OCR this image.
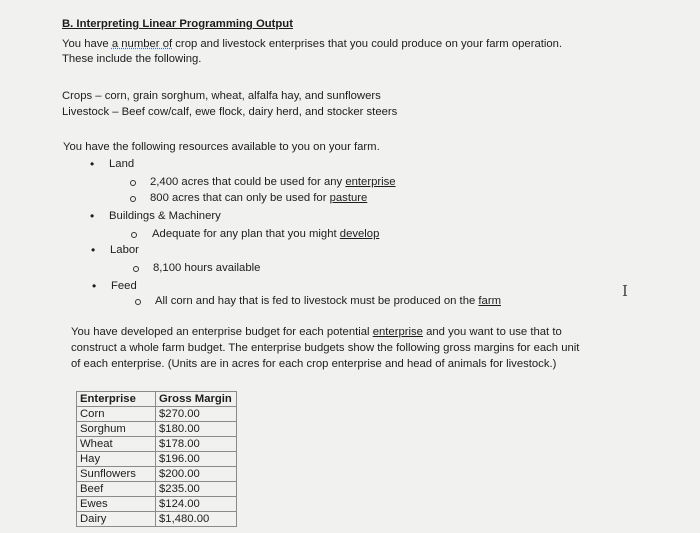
B. Interpreting Linear Programming Output
You have a number of crop and livestock enterprises that you could produce on your farm operation.
These include the following.
Crops – corn, grain sorghum, wheat, alfalfa hay, and sunflowers
Livestock – Beef cow/calf, ewe flock, dairy herd, and stocker steers
You have the following resources available to you on your farm.
• Land
2,400 acres that could be used for any enterprise
800 acres that can only be used for pasture
• Buildings & Machinery
Adequate for any plan that you might develop
• Labor
8,100 hours available
• Feed
All corn and hay that is fed to livestock must be produced on the farm
You have developed an enterprise budget for each potential enterprise and you want to use that to
construct a whole farm budget. The enterprise budgets show the following gross margins for each unit
of each enterprise. (Units are in acres for each crop enterprise and head of animals for livestock.)
Enterprise	Gross Margin
Corn	$270.00
Sorghum	$180.00
Wheat	$178.00
Hay	$196.00
Sunflowers	$200.00
Beef	$235.00
Ewes	$124.00
Dairy	$1,480.00
I
